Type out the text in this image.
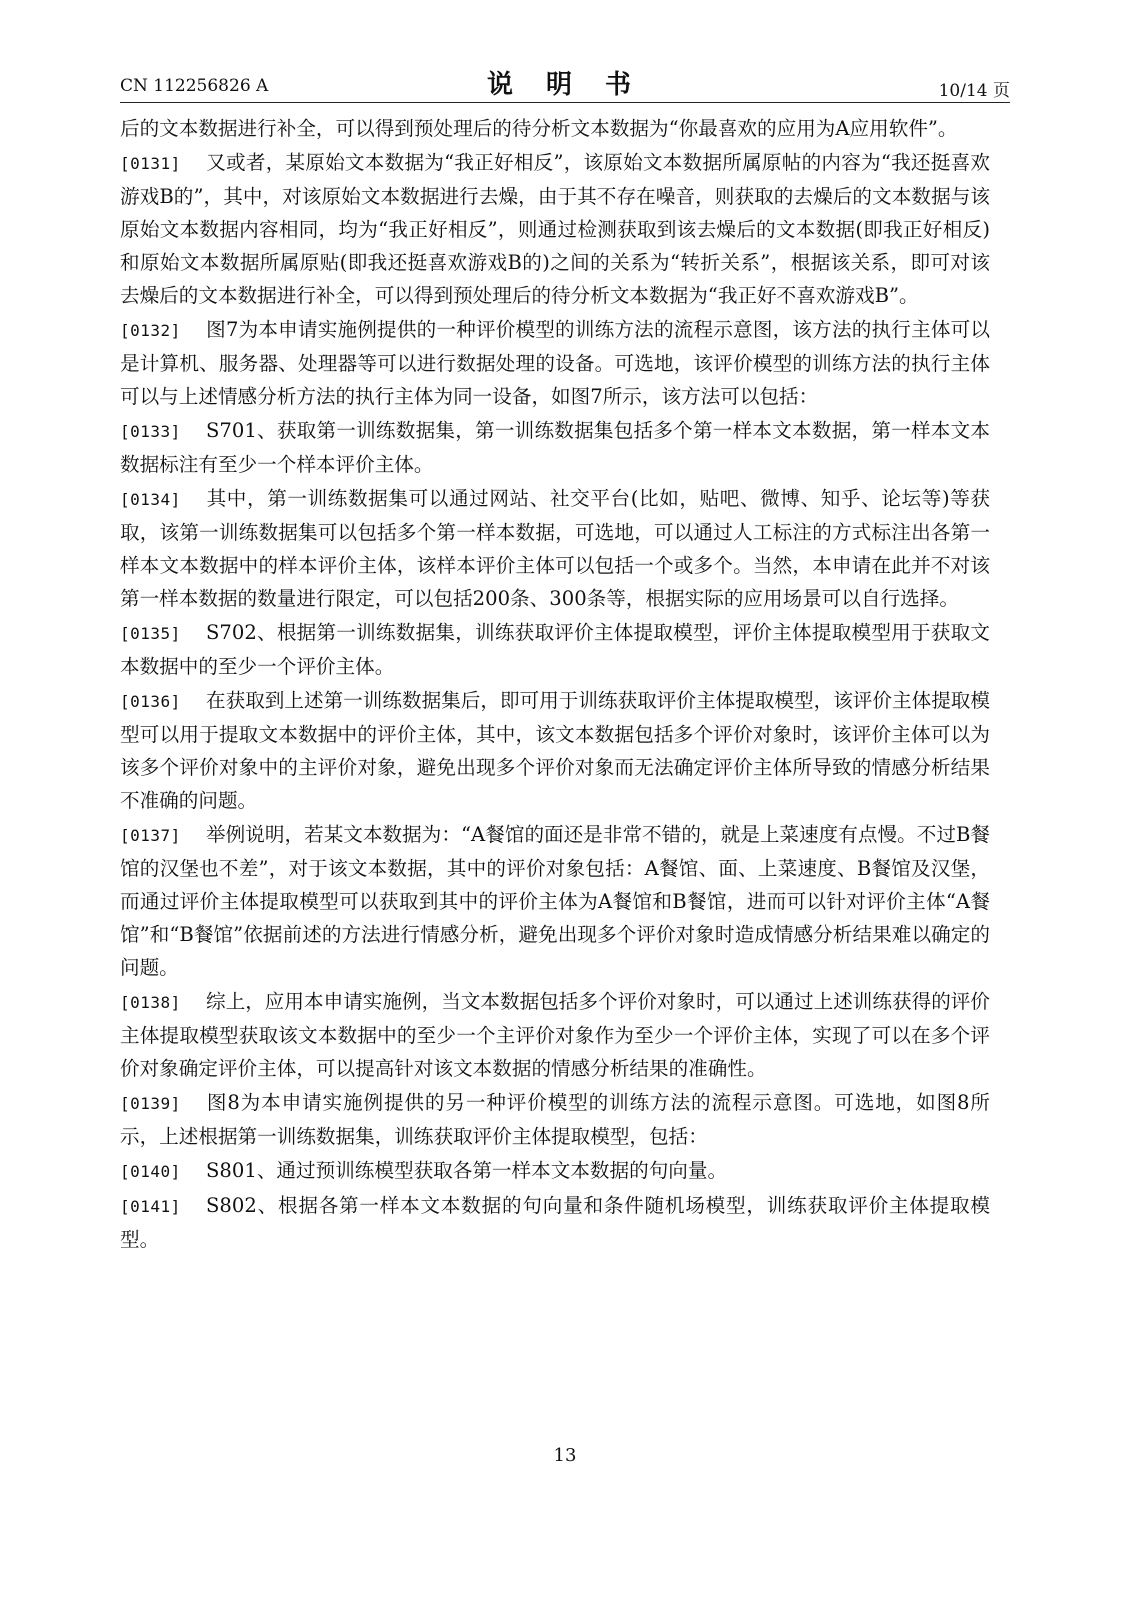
CN 112256826 A	说 明 书	10/14 页

后的文本数据进行补全，可以得到预处理后的待分析文本数据为“你最喜欢的应用为A应用软件”。

[0131] 又或者，某原始文本数据为“我正好相反”，该原始文本数据所属原帖的内容为“我还挺喜欢游戏B的”，其中，对该原始文本数据进行去燥，由于其不存在噪音，则获取的去燥后的文本数据与该原始文本数据内容相同，均为“我正好相反”，则通过检测获取到该去燥后的文本数据(即我正好相反)和原始文本数据所属原贴(即我还挺喜欢游戏B的)之间的关系为“转折关系”，根据该关系，即可对该去燥后的文本数据进行补全，可以得到预处理后的待分析文本数据为“我正好不喜欢游戏B”。

[0132] 图7为本申请实施例提供的一种评价模型的训练方法的流程示意图，该方法的执行主体可以是计算机、服务器、处理器等可以进行数据处理的设备。可选地，该评价模型的训练方法的执行主体可以与上述情感分析方法的执行主体为同一设备，如图7所示，该方法可以包括：

[0133] S701、获取第一训练数据集，第一训练数据集包括多个第一样本文本数据，第一样本文本数据标注有至少一个样本评价主体。

[0134] 其中，第一训练数据集可以通过网站、社交平台(比如，贴吧、微博、知乎、论坛等)等获取，该第一训练数据集可以包括多个第一样本数据，可选地，可以通过人工标注的方式标注出各第一样本文本数据中的样本评价主体，该样本评价主体可以包括一个或多个。当然，本申请在此并不对该第一样本数据的数量进行限定，可以包括200条、300条等，根据实际的应用场景可以自行选择。

[0135] S702、根据第一训练数据集，训练获取评价主体提取模型，评价主体提取模型用于获取文本数据中的至少一个评价主体。

[0136] 在获取到上述第一训练数据集后，即可用于训练获取评价主体提取模型，该评价主体提取模型可以用于提取文本数据中的评价主体，其中，该文本数据包括多个评价对象时，该评价主体可以为该多个评价对象中的主评价对象，避免出现多个评价对象而无法确定评价主体所导致的情感分析结果不准确的问题。

[0137] 举例说明，若某文本数据为：“A餐馆的面还是非常不错的，就是上菜速度有点慢。不过B餐馆的汉堡也不差”，对于该文本数据，其中的评价对象包括：A餐馆、面、上菜速度、B餐馆及汉堡，而通过评价主体提取模型可以获取到其中的评价主体为A餐馆和B餐馆，进而可以针对评价主体“A餐馆”和“B餐馆”依据前述的方法进行情感分析，避免出现多个评价对象时造成情感分析结果难以确定的问题。

[0138] 综上，应用本申请实施例，当文本数据包括多个评价对象时，可以通过上述训练获得的评价主体提取模型获取该文本数据中的至少一个主评价对象作为至少一个评价主体，实现了可以在多个评价对象确定评价主体，可以提高针对该文本数据的情感分析结果的准确性。

[0139] 图8为本申请实施例提供的另一种评价模型的训练方法的流程示意图。可选地，如图8所示，上述根据第一训练数据集，训练获取评价主体提取模型，包括：

[0140] S801、通过预训练模型获取各第一样本文本数据的句向量。

[0141] S802、根据各第一样本文本数据的句向量和条件随机场模型，训练获取评价主体提取模型。

13
